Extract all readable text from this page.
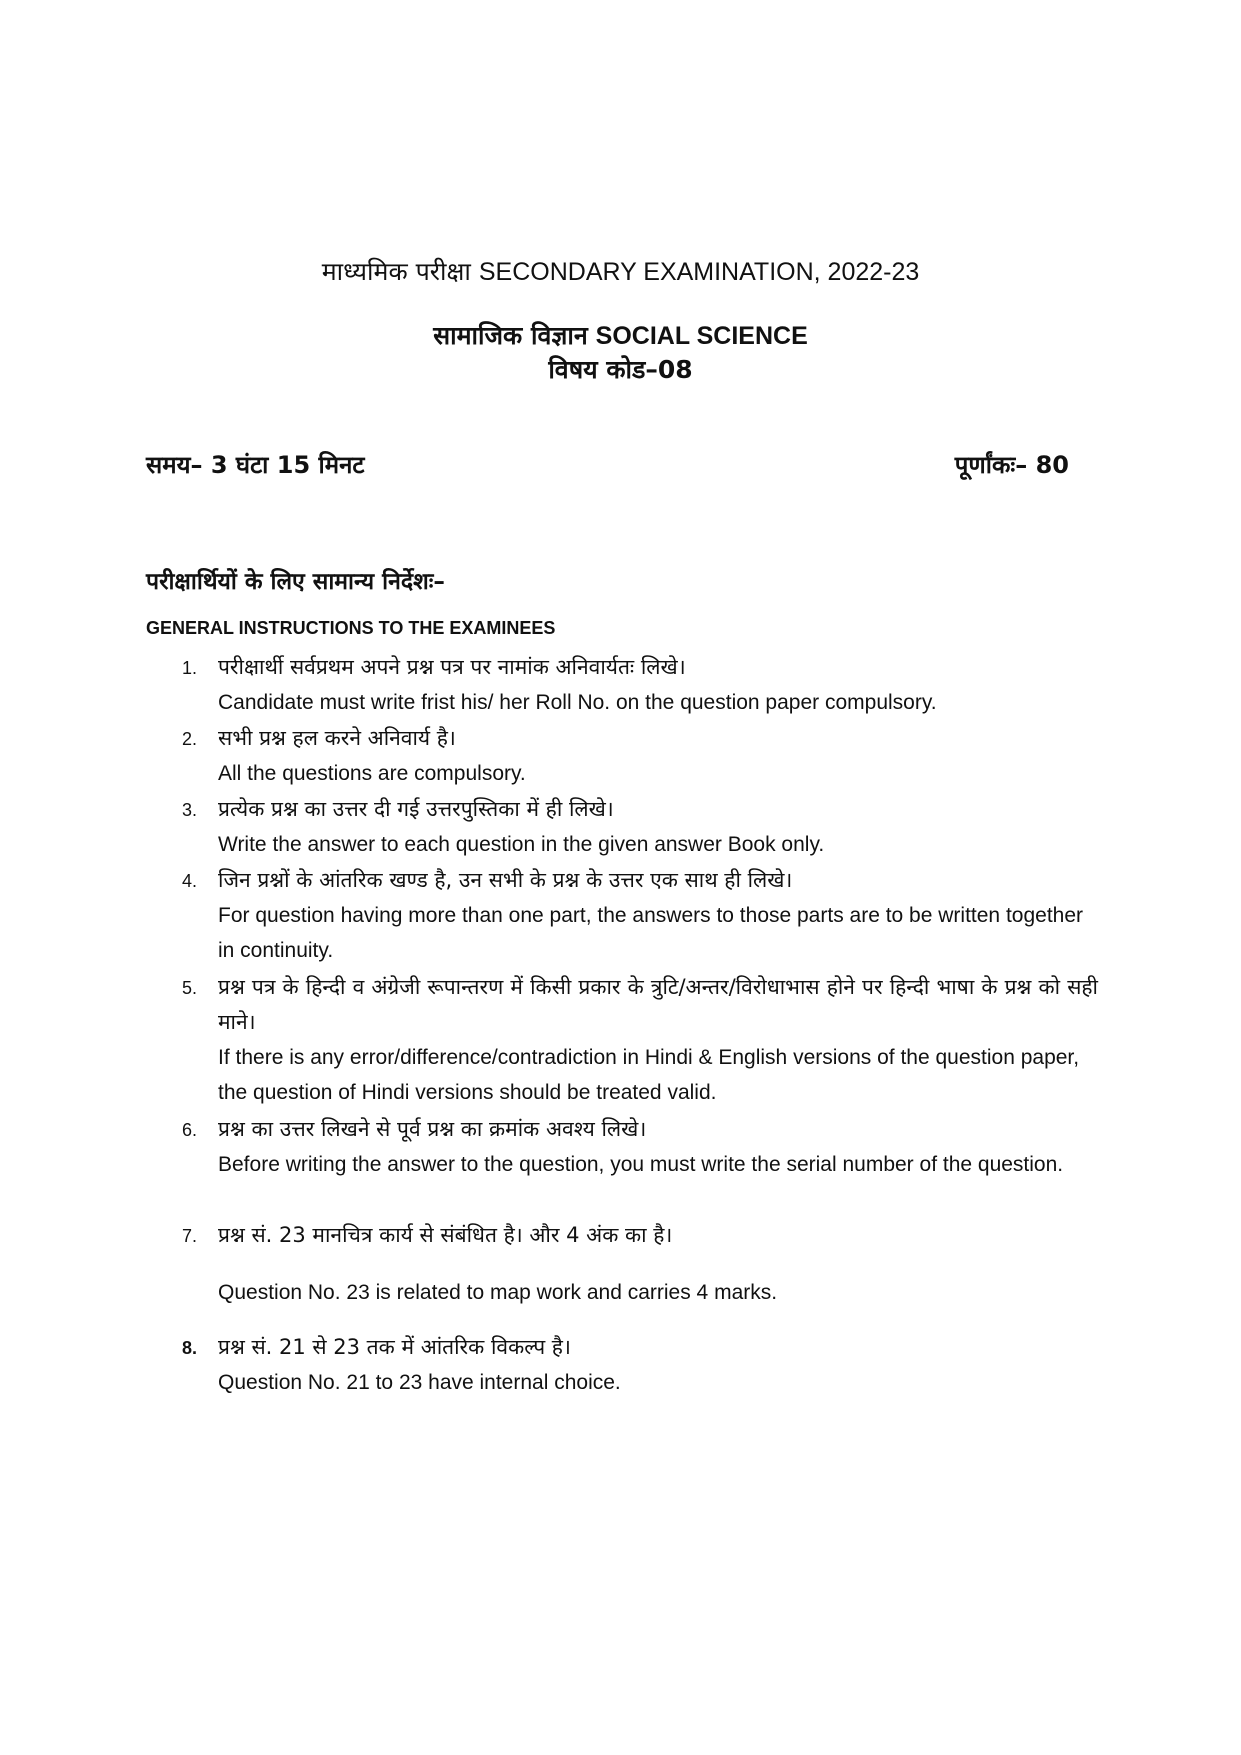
माध्यमिक परीक्षा SECONDARY EXAMINATION, 2022-23
सामाजिक विज्ञान SOCIAL SCIENCE
विषय कोड–08
समय– 3 घंटा 15 मिनट	पूर्णांकः– 80
परीक्षार्थियों के लिए सामान्य निर्देशः–
GENERAL INSTRUCTIONS TO THE EXAMINEES
1. परीक्षार्थी सर्वप्रथम अपने प्रश्न पत्र पर नामांक अनिवार्यतः लिखे।
Candidate must write frist his/ her Roll No. on the question paper compulsory.
2. सभी प्रश्न हल करने अनिवार्य है।
All the questions are compulsory.
3. प्रत्येक प्रश्न का उत्तर दी गई उत्तरपुस्तिका में ही लिखे।
Write the answer to each question in the given answer Book only.
4. जिन प्रश्नों के आंतरिक खण्ड है, उन सभी के प्रश्न के उत्तर एक साथ ही लिखे।
For question having more than one part, the answers to those parts are to be written together in continuity.
5. प्रश्न पत्र के हिन्दी व अंग्रेजी रूपान्तरण में किसी प्रकार के त्रुटि/अन्तर/विरोधाभास होने पर हिन्दी भाषा के प्रश्न को सही माने।
If there is any error/difference/contradiction in Hindi & English versions of the question paper, the question of Hindi versions should be treated valid.
6. प्रश्न का उत्तर लिखने से पूर्व प्रश्न का क्रमांक अवश्य लिखे।
Before writing the answer to the question, you must write the serial number of the question.
7. प्रश्न सं. 23 मानचित्र कार्य से संबंधित है। और 4 अंक का है।
Question No. 23 is related to map work and carries 4 marks.
8. प्रश्न सं. 21 से 23 तक में आंतरिक विकल्प है।
Question No. 21 to 23 have internal choice.
